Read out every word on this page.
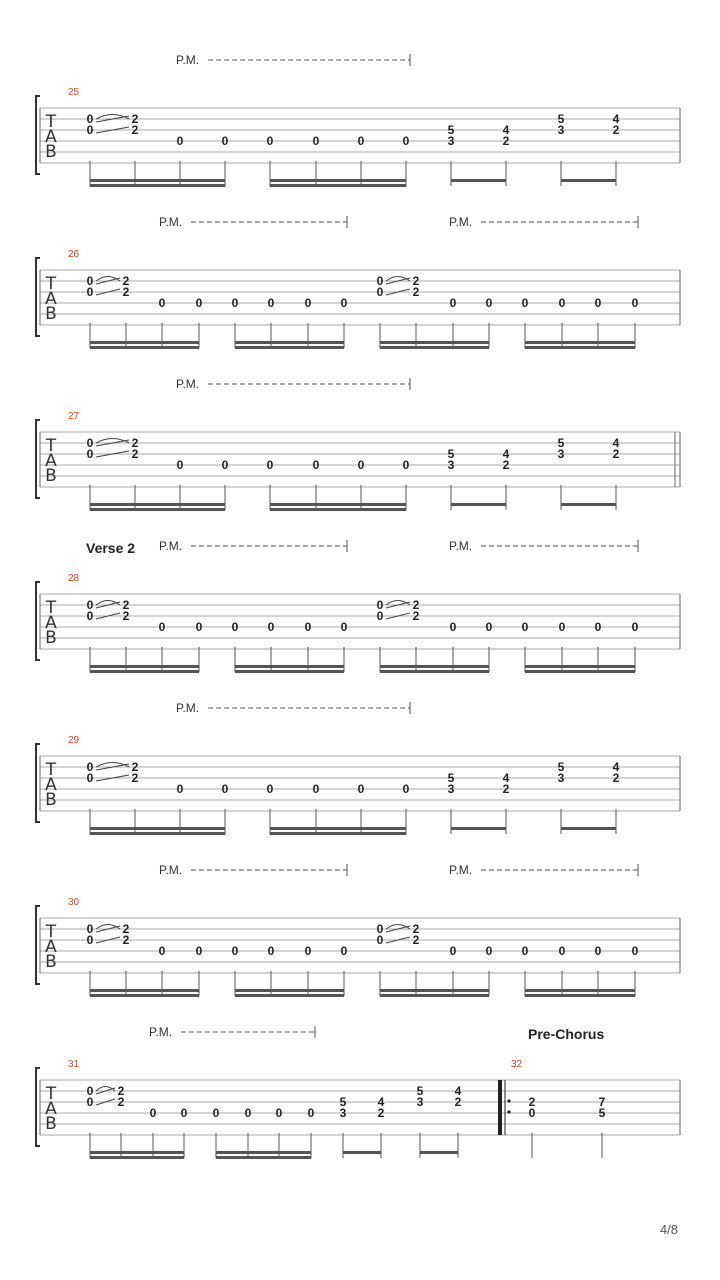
T
A
B
25
P.M.
0
0
2
2
0	0	0	0	0	0
5
3
4
2
5
3
4
2
T
A
B
26
P.M.	P.M.
0
0
2
2
0	0 0 0	0 0
0
0
2
2
0 0 0	0 0	0
T
A
B
27
P.M.
0
0
2
2
0	0	0	0	0	0
5
3
4
2
5
3
4
2
T
A
B
28
Verse 2 P.M.	P.M.
0
0
2
2
0	0 0 0	0 0
0
0
2
2
0 0 0	0 0	0
T
A
B
29
P.M.
0
0
2
2
0	0	0	0	0	0
5
3
4
2
5
3
4
2
T
A
B
30
P.M.	P.M.
0
0
2
2
0	0 0 0	0 0
0
0
2
2
0 0 0	0 0	0
T
A
B
31
P.M.
0
0
2
2
0 0 0 0 0 0
5
3
4
2
5
3
4
2
32
Pre-Chorus
2
0
7
5
4/8
